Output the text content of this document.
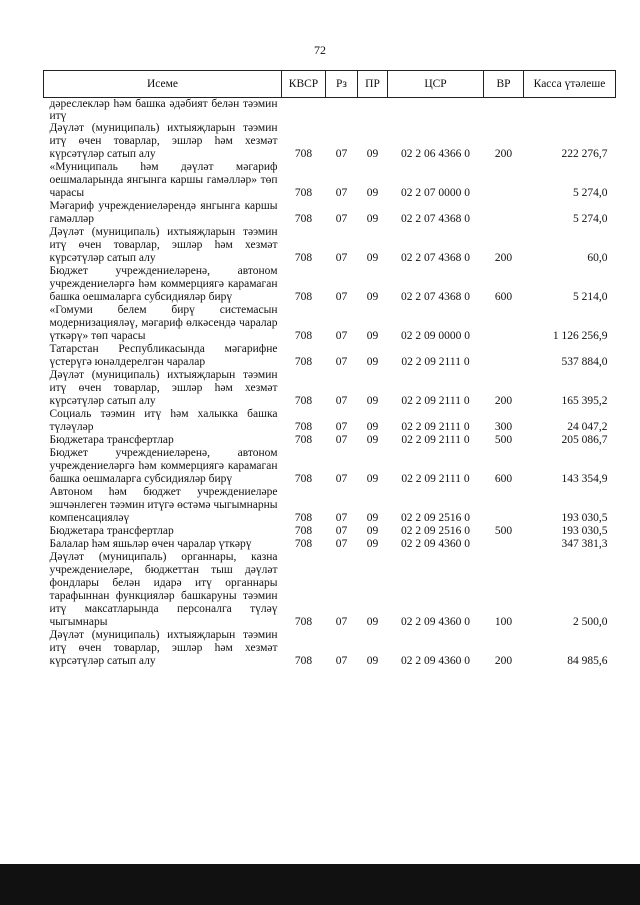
72
Исеме	КВСР	Рз	ПР	ЦСР	ВР	Касса үтәлеше
дәреслекләр һәм башка әдәбият белән тәэмин итү						
Дәүләт (муниципаль) ихтыяҗларын тәэмин итү өчен товарлар, эшләр һәм хезмәт күрсәтүләр сатып алу	708	07	09	02 2 06 4366 0	200	222 276,7
«Муниципаль һәм дәүләт мәгариф оешмаларында янгынга каршы гамәлләр» төп чарасы	708	07	09	02 2 07 0000 0		5 274,0
Мәгариф учреждениеләрендә янгынга каршы гамәлләр	708	07	09	02 2 07 4368 0		5 274,0
Дәүләт (муниципаль) ихтыяҗларын тәэмин итү өчен товарлар, эшләр һәм хезмәт күрсәтүләр сатып алу	708	07	09	02 2 07 4368 0	200	60,0
Бюджет учреждениеләренә, автоном учреждениеләргә һәм коммерциягә карамаган башка оешмаларга субсидияләр бирү	708	07	09	02 2 07 4368 0	600	5 214,0
«Гомуми белем бирү системасын модернизацияләү, мәгариф өлкәсендә чаралар үткәрү» төп чарасы	708	07	09	02 2 09 0000 0		1 126 256,9
Татарстан Республикасында мәгарифне үстерүгә юнәлдерелгән чаралар	708	07	09	02 2 09 2111 0		537 884,0
Дәүләт (муниципаль) ихтыяҗларын тәэмин итү өчен товарлар, эшләр һәм хезмәт күрсәтүләр сатып алу	708	07	09	02 2 09 2111 0	200	165 395,2
Социаль тәэмин итү һәм халыкка башка түләүләр	708	07	09	02 2 09 2111 0	300	24 047,2
Бюджетара трансфертлар	708	07	09	02 2 09 2111 0	500	205 086,7
Бюджет учреждениеләренә, автоном учреждениеләргә һәм коммерциягә карамаган башка оешмаларга субсидияләр бирү	708	07	09	02 2 09 2111 0	600	143 354,9
Автоном һәм бюджет учреждениеләре эшчәнлеген тәэмин итүгә өстәмә чыгымнарны компенсацияләү	708	07	09	02 2 09 2516 0		193 030,5
Бюджетара трансфертлар	708	07	09	02 2 09 2516 0	500	193 030,5
Балалар һәм яшьләр өчен чаралар үткәрү	708	07	09	02 2 09 4360 0		347 381,3
Дәүләт (муниципаль) органнары, казна учреждениеләре, бюджеттан тыш дәүләт фондлары белән идарә итү органнары тарафыннан функцияләр башкаруны тәэмин итү максатларында персоналга түләү чыгымнары	708	07	09	02 2 09 4360 0	100	2 500,0
Дәүләт (муниципаль) ихтыяҗларын тәэмин итү өчен товарлар, эшләр һәм хезмәт күрсәтүләр сатып алу	708	07	09	02 2 09 4360 0	200	84 985,6
